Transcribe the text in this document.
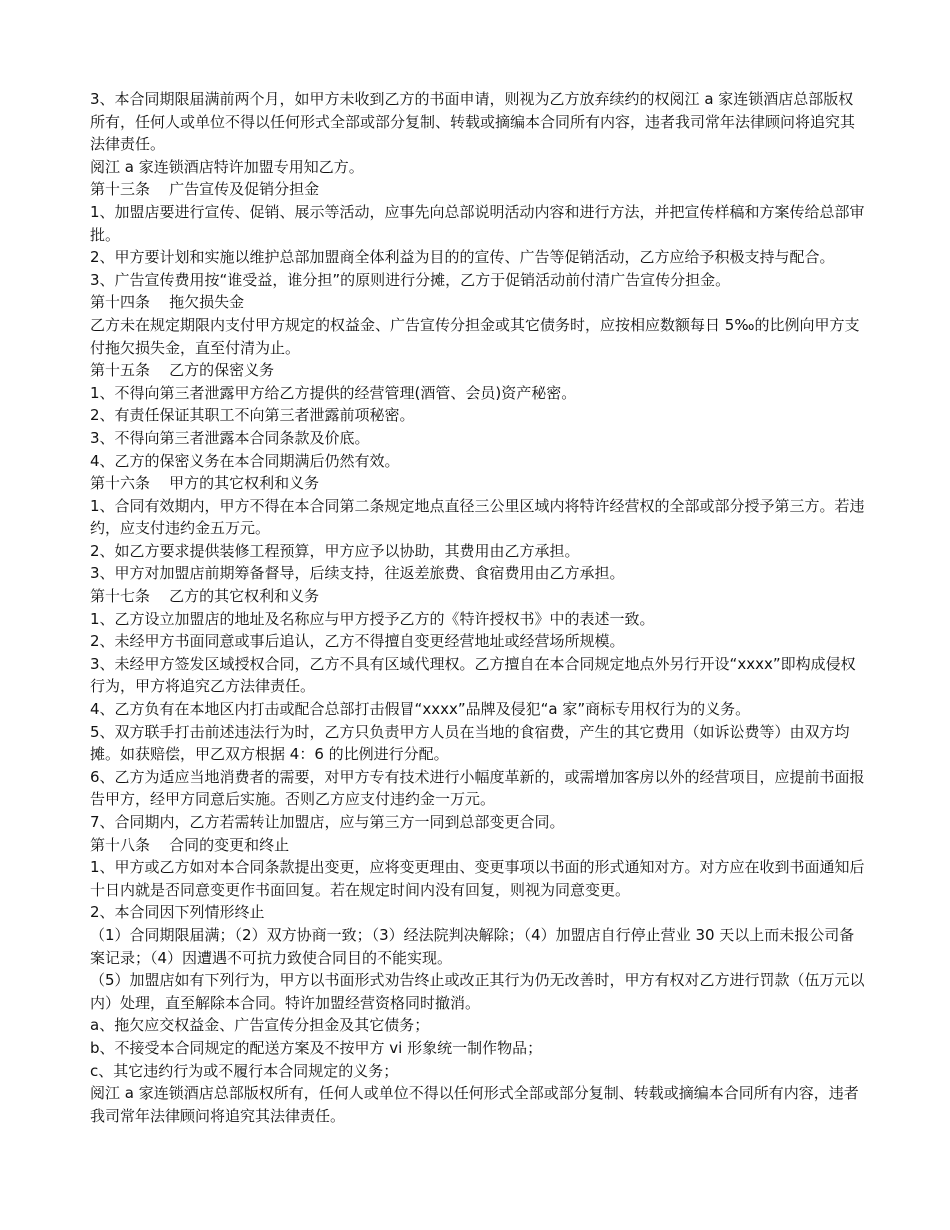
3、本合同期限届满前两个月，如甲方未收到乙方的书面申请，则视为乙方放弃续约的权阅江 a 家连锁酒店总部版权所有，任何人或单位不得以任何形式全部或部分复制、转载或摘编本合同所有内容，违者我司常年法律顾问将追究其法律责任。

阅江 a 家连锁酒店特许加盟专用知乙方。

第十三条    广告宣传及促销分担金

1、加盟店要进行宣传、促销、展示等活动，应事先向总部说明活动内容和进行方法，并把宣传样稿和方案传给总部审批。

2、甲方要计划和实施以维护总部加盟商全体利益为目的的宣传、广告等促销活动，乙方应给予积极支持与配合。

3、广告宣传费用按“谁受益，谁分担”的原则进行分摊，乙方于促销活动前付清广告宣传分担金。

第十四条    拖欠损失金

乙方未在规定期限内支付甲方规定的权益金、广告宣传分担金或其它债务时，应按相应数额每日 5‰的比例向甲方支付拖欠损失金，直至付清为止。

第十五条    乙方的保密义务

1、不得向第三者泄露甲方给乙方提供的经营管理(酒管、会员)资产秘密。

2、有责任保证其职工不向第三者泄露前项秘密。

3、不得向第三者泄露本合同条款及价底。

4、乙方的保密义务在本合同期满后仍然有效。

第十六条    甲方的其它权利和义务

1、合同有效期内，甲方不得在本合同第二条规定地点直径三公里区域内将特许经营权的全部或部分授予第三方。若违约，应支付违约金五万元。

2、如乙方要求提供装修工程预算，甲方应予以协助，其费用由乙方承担。

3、甲方对加盟店前期筹备督导，后续支持，往返差旅费、食宿费用由乙方承担。

第十七条    乙方的其它权利和义务

1、乙方设立加盟店的地址及名称应与甲方授予乙方的《特许授权书》中的表述一致。

2、未经甲方书面同意或事后追认，乙方不得擅自变更经营地址或经营场所规模。

3、未经甲方签发区域授权合同，乙方不具有区域代理权。乙方擅自在本合同规定地点外另行开设“xxxx”即构成侵权行为，甲方将追究乙方法律责任。

4、乙方负有在本地区内打击或配合总部打击假冒“xxxx”品牌及侵犯“a 家”商标专用权行为的义务。

5、双方联手打击前述违法行为时，乙方只负责甲方人员在当地的食宿费，产生的其它费用（如诉讼费等）由双方均摊。如获赔偿，甲乙双方根据 4：6 的比例进行分配。

6、乙方为适应当地消费者的需要，对甲方专有技术进行小幅度革新的，或需增加客房以外的经营项目，应提前书面报告甲方，经甲方同意后实施。否则乙方应支付违约金一万元。

7、合同期内，乙方若需转让加盟店，应与第三方一同到总部变更合同。

第十八条    合同的变更和终止

1、甲方或乙方如对本合同条款提出变更，应将变更理由、变更事项以书面的形式通知对方。对方应在收到书面通知后十日内就是否同意变更作书面回复。若在规定时间内没有回复，则视为同意变更。

2、本合同因下列情形终止

（1）合同期限届满；（2）双方协商一致；（3）经法院判决解除；（4）加盟店自行停止营业 30 天以上而未报公司备案记录；（4）因遭遇不可抗力致使合同目的不能实现。

（5）加盟店如有下列行为，甲方以书面形式劝告终止或改正其行为仍无改善时，甲方有权对乙方进行罚款（伍万元以内）处理，直至解除本合同。特许加盟经营资格同时撤消。

a、拖欠应交权益金、广告宣传分担金及其它债务；

b、不接受本合同规定的配送方案及不按甲方 vi 形象统一制作物品；

c、其它违约行为或不履行本合同规定的义务；

阅江 a 家连锁酒店总部版权所有，任何人或单位不得以任何形式全部或部分复制、转载或摘编本合同所有内容，违者我司常年法律顾问将追究其法律责任。
